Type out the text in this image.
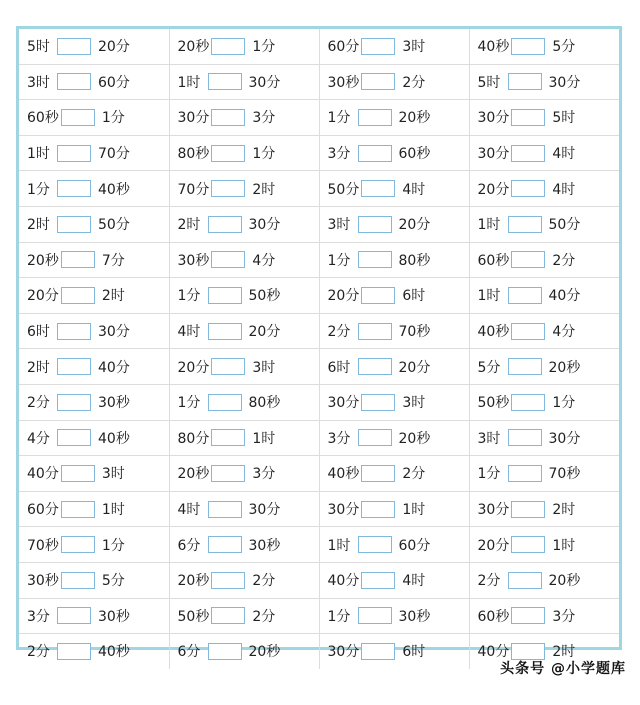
5时 20分	20秒 1分	60分 3时	40秒 5分

3时 60分	1时 30分	30秒 2分	5时 30分

60秒 1分	30分 3分	1分 20秒	30分 5时

1时 70分	80秒 1分	3分 60秒	30分 4时

1分 40秒	70分 2时	50分 4时	20分 4时

2时 50分	2时 30分	3时 20分	1时 50分

20秒 7分	30秒 4分	1分 80秒	60秒 2分

20分 2时	1分 50秒	20分 6时	1时 40分

6时 30分	4时 20分	2分 70秒	40秒 4分

2时 40分	20分 3时	6时 20分	5分 20秒

2分 30秒	1分 80秒	30分 3时	50秒 1分

4分 40秒	80分 1时	3分 20秒	3时 30分

40分 3时	20秒 3分	40秒 2分	1分 70秒

60分 1时	4时 30分	30分 1时	30分 2时

70秒 1分	6分 30秒	1时 60分	20分 1时

30秒 5分	20秒 2分	40分 4时	2分 20秒

3分 30秒	50秒 2分	1分 30秒	60秒 3分

2分 40秒	6分 20秒	30分 6时	40分 2时
头条号 @小学题库
